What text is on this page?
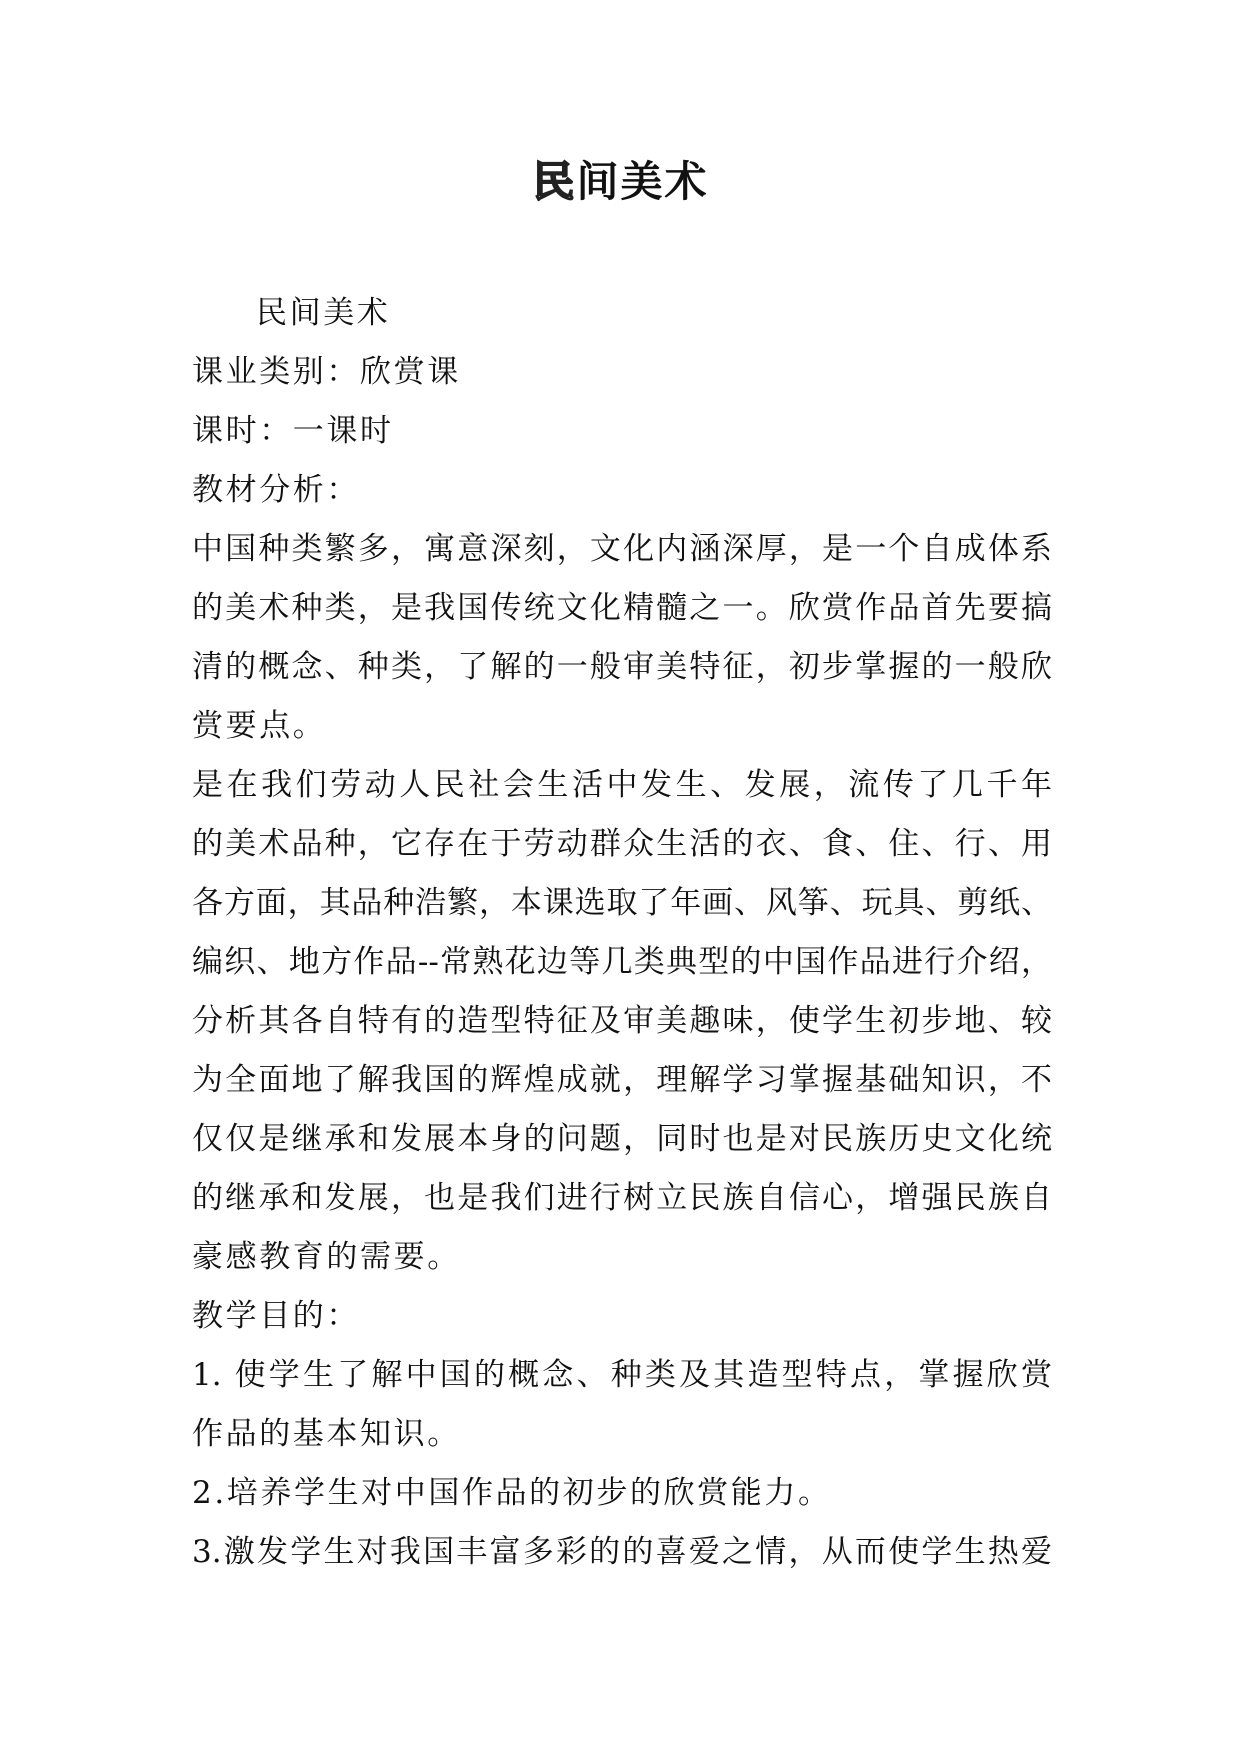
民间美术
民间美术
课业类别：欣赏课
课时：一课时
教材分析：
中国种类繁多，寓意深刻，文化内涵深厚，是一个自成体系
的美术种类，是我国传统文化精髓之一。欣赏作品首先要搞
清的概念、种类，了解的一般审美特征，初步掌握的一般欣
赏要点。
是在我们劳动人民社会生活中发生、发展，流传了几千年
的美术品种，它存在于劳动群众生活的衣、食、住、行、用
各方面，其品种浩繁，本课选取了年画、风筝、玩具、剪纸、
编织、地方作品--常熟花边等几类典型的中国作品进行介绍，
分析其各自特有的造型特征及审美趣味，使学生初步地、较
为全面地了解我国的辉煌成就，理解学习掌握基础知识，不
仅仅是继承和发展本身的问题，同时也是对民族历史文化统
的继承和发展，也是我们进行树立民族自信心，增强民族自
豪感教育的需要。
教学目的：
1. 使学生了解中国的概念、种类及其造型特点，掌握欣赏
作品的基本知识。
2.培养学生对中国作品的初步的欣赏能力。
3.激发学生对我国丰富多彩的的喜爱之情，从而使学生热爱
